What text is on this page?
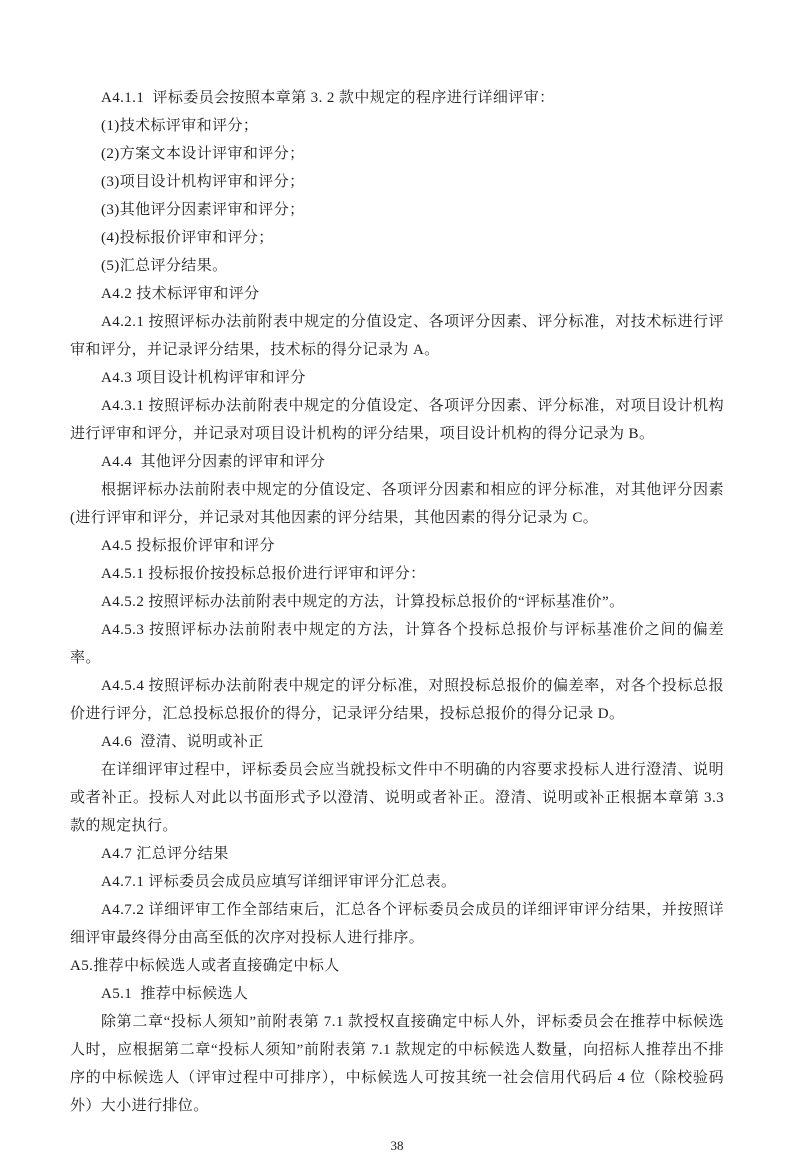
A4.1.1  评标委员会按照本章第 3. 2 款中规定的程序进行详细评审：

(1)技术标评审和评分；

(2)方案文本设计评审和评分；

(3)项目设计机构评审和评分；

(3)其他评分因素评审和评分；

(4)投标报价评审和评分；

(5)汇总评分结果。

A4.2 技术标评审和评分

A4.2.1 按照评标办法前附表中规定的分值设定、各项评分因素、评分标准，对技术标进行评审和评分，并记录评分结果，技术标的得分记录为 A。

A4.3 项目设计机构评审和评分

A4.3.1 按照评标办法前附表中规定的分值设定、各项评分因素、评分标准，对项目设计机构进行评审和评分，并记录对项目设计机构的评分结果，项目设计机构的得分记录为 B。

A4.4  其他评分因素的评审和评分

根据评标办法前附表中规定的分值设定、各项评分因素和相应的评分标准，对其他评分因素(进行评审和评分，并记录对其他因素的评分结果，其他因素的得分记录为 C。

A4.5 投标报价评审和评分

A4.5.1 投标报价按投标总报价进行评审和评分：

A4.5.2 按照评标办法前附表中规定的方法，计算投标总报价的“评标基准价”。

A4.5.3 按照评标办法前附表中规定的方法，计算各个投标总报价与评标基准价之间的偏差率。

A4.5.4 按照评标办法前附表中规定的评分标准，对照投标总报价的偏差率，对各个投标总报价进行评分，汇总投标总报价的得分，记录评分结果，投标总报价的得分记录 D。

A4.6  澄清、说明或补正

在详细评审过程中，评标委员会应当就投标文件中不明确的内容要求投标人进行澄清、说明或者补正。投标人对此以书面形式予以澄清、说明或者补正。澄清、说明或补正根据本章第 3.3 款的规定执行。

A4.7 汇总评分结果

A4.7.1 评标委员会成员应填写详细评审评分汇总表。

A4.7.2 详细评审工作全部结束后，汇总各个评标委员会成员的详细评审评分结果，并按照详细评审最终得分由高至低的次序对投标人进行排序。

A5.推荐中标候选人或者直接确定中标人

A5.1  推荐中标候选人

除第二章“投标人须知”前附表第 7.1 款授权直接确定中标人外，评标委员会在推荐中标候选人时，应根据第二章“投标人须知”前附表第 7.1 款规定的中标候选人数量，向招标人推荐出不排序的中标候选人（评审过程中可排序），中标候选人可按其统一社会信用代码后 4 位（除校验码外）大小进行排位。

38
